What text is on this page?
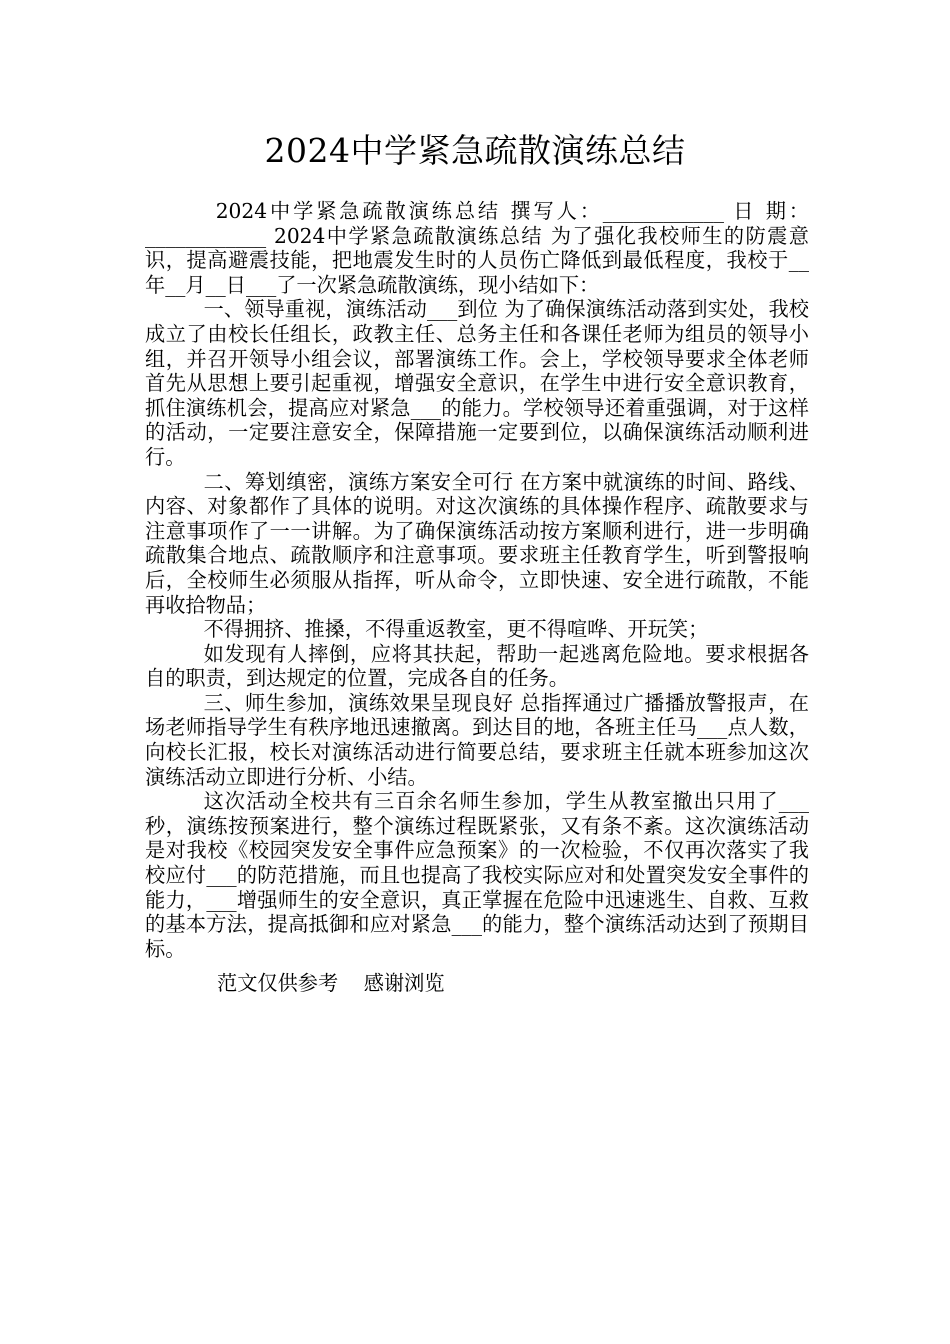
2024中学紧急疏散演练总结

2024中学紧急疏散演练总结 撰写人：____________ 日 期：____________ 2024中学紧急疏散演练总结 为了强化我校师生的防震意识，提高避震技能，把地震发生时的人员伤亡降低到最低程度，我校于__年__月__日___了一次紧急疏散演练，现小结如下：

一、领导重视，演练活动___到位 为了确保演练活动落到实处，我校成立了由校长任组长，政教主任、总务主任和各课任老师为组员的领导小组，并召开领导小组会议，部署演练工作。会上，学校领导要求全体老师首先从思想上要引起重视，增强安全意识，在学生中进行安全意识教育，抓住演练机会，提高应对紧急___的能力。学校领导还着重强调，对于这样的活动，一定要注意安全，保障措施一定要到位，以确保演练活动顺利进行。

二、筹划缜密，演练方案安全可行 在方案中就演练的时间、路线、内容、对象都作了具体的说明。对这次演练的具体操作程序、疏散要求与注意事项作了一一讲解。为了确保演练活动按方案顺利进行，进一步明确疏散集合地点、疏散顺序和注意事项。要求班主任教育学生，听到警报响后，全校师生必须服从指挥，听从命令，立即快速、安全进行疏散，不能再收拾物品；

不得拥挤、推搡，不得重返教室，更不得喧哗、开玩笑；

如发现有人摔倒，应将其扶起，帮助一起逃离危险地。要求根据各自的职责，到达规定的位置，完成各自的任务。

三、师生参加，演练效果呈现良好 总指挥通过广播播放警报声，在场老师指导学生有秩序地迅速撤离。到达目的地，各班主任马___点人数，向校长汇报，校长对演练活动进行简要总结，要求班主任就本班参加这次演练活动立即进行分析、小结。

这次活动全校共有三百余名师生参加，学生从教室撤出只用了___秒，演练按预案进行，整个演练过程既紧张，又有条不紊。这次演练活动是对我校《校园突发安全事件应急预案》的一次检验，不仅再次落实了我校应付___的防范措施，而且也提高了我校实际应对和处置突发安全事件的能力，___增强师生的安全意识，真正掌握在危险中迅速逃生、自救、互救的基本方法，提高抵御和应对紧急___的能力，整个演练活动达到了预期目标。

范文仅供参考    感谢浏览
